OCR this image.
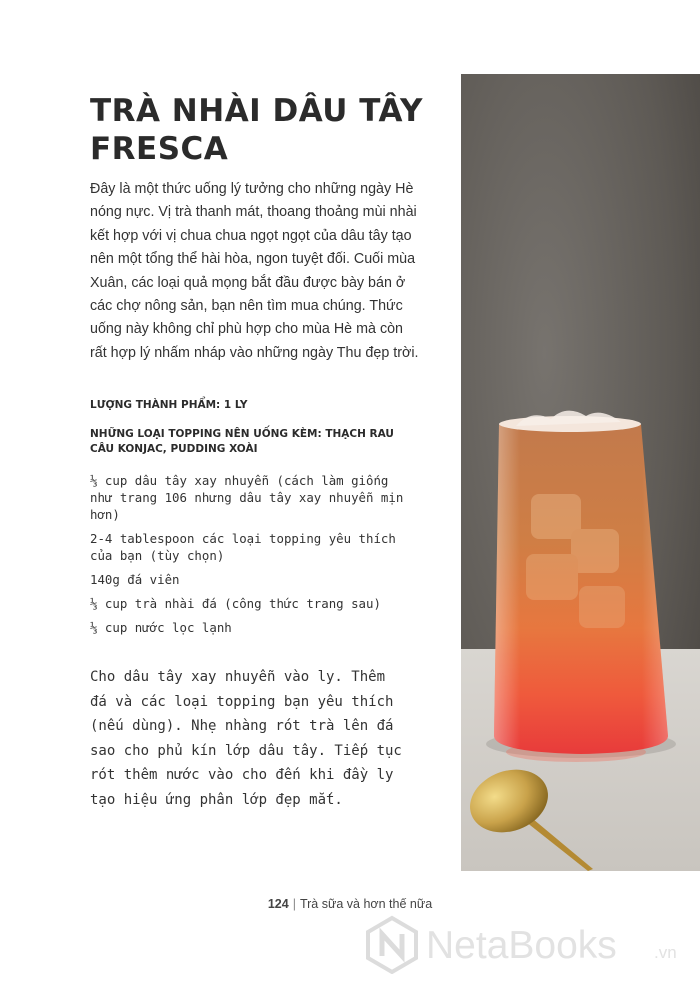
TRÀ NHÀI DÂU TÂY
FRESCA

Đây là một thức uống lý tưởng cho những ngày Hè nóng nực. Vị trà thanh mát, thoang thoảng mùi nhài kết hợp với vị chua chua ngọt ngọt của dâu tây tạo nên một tổng thể hài hòa, ngon tuyệt đối. Cuối mùa Xuân, các loại quả mọng bắt đầu được bày bán ở các chợ nông sản, bạn nên tìm mua chúng. Thức uống này không chỉ phù hợp cho mùa Hè mà còn rất hợp lý nhấm nháp vào những ngày Thu đẹp trời.

LƯỢNG THÀNH PHẨM: 1 LY

NHỮNG LOẠI TOPPING NÊN UỐNG KÈM: THẠCH RAU CÂU KONJAC, PUDDING XOÀI

⅓ cup dâu tây xay nhuyễn (cách làm giống như trang 106 nhưng dâu tây xay nhuyễn mịn hơn)
2-4 tablespoon các loại topping yêu thích của bạn (tùy chọn)
140g đá viên
⅓ cup trà nhài đá (công thức trang sau)
⅓ cup nước lọc lạnh

Cho dâu tây xay nhuyễn vào ly. Thêm đá và các loại topping bạn yêu thích (nếu dùng). Nhẹ nhàng rót trà lên đá sao cho phủ kín lớp dâu tây. Tiếp tục rót thêm nước vào cho đến khi đầy ly tạo hiệu ứng phân lớp đẹp mắt.

124 | Trà sữa và hơn thế nữa
NetaBooks .vn
